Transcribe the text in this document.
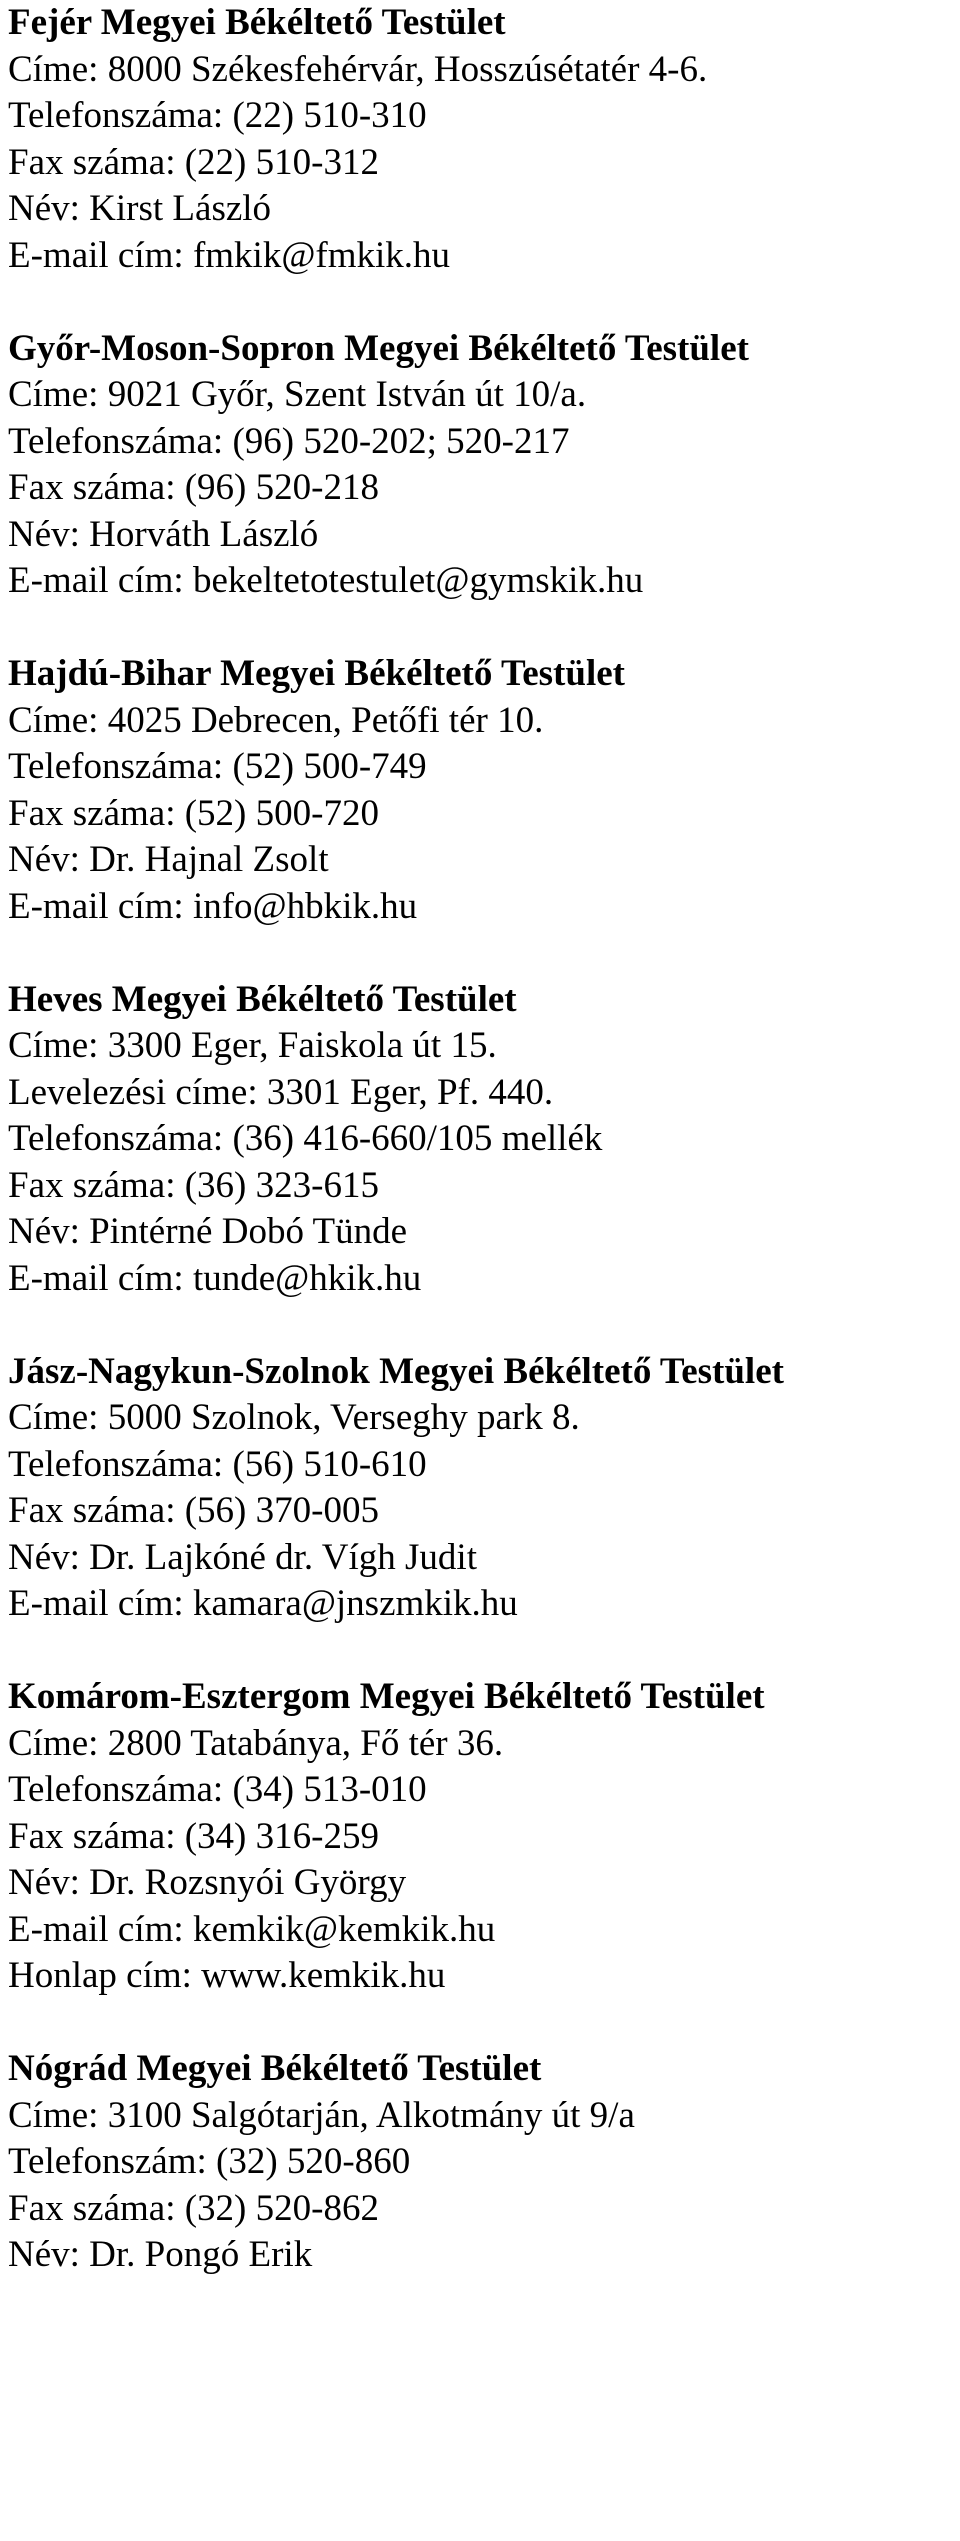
Fejér Megyei Békéltető Testület
Címe: 8000 Székesfehérvár, Hosszúsétatér 4-6.
Telefonszáma: (22) 510-310
Fax száma: (22) 510-312
Név: Kirst László
E-mail cím: fmkik@fmkik.hu
Győr-Moson-Sopron Megyei Békéltető Testület
Címe: 9021 Győr, Szent István út 10/a.
Telefonszáma: (96) 520-202; 520-217
Fax száma: (96) 520-218
Név: Horváth László
E-mail cím: bekeltetotestulet@gymskik.hu
Hajdú-Bihar Megyei Békéltető Testület
Címe: 4025 Debrecen, Petőfi tér 10.
Telefonszáma: (52) 500-749
Fax száma: (52) 500-720
Név: Dr. Hajnal Zsolt
E-mail cím: info@hbkik.hu
Heves Megyei Békéltető Testület
Címe: 3300 Eger, Faiskola út 15.
Levelezési címe: 3301 Eger, Pf. 440.
Telefonszáma: (36) 416-660/105 mellék
Fax száma: (36) 323-615
Név: Pintérné Dobó Tünde
E-mail cím: tunde@hkik.hu
Jász-Nagykun-Szolnok Megyei Békéltető Testület
Címe: 5000 Szolnok, Verseghy park 8.
Telefonszáma: (56) 510-610
Fax száma: (56) 370-005
Név: Dr. Lajkóné dr. Vígh Judit
E-mail cím: kamara@jnszmkik.hu
Komárom-Esztergom Megyei Békéltető Testület
Címe: 2800 Tatabánya, Fő tér 36.
Telefonszáma: (34) 513-010
Fax száma: (34) 316-259
Név: Dr. Rozsnyói György
E-mail cím: kemkik@kemkik.hu
Honlap cím: www.kemkik.hu
Nógrád Megyei Békéltető Testület
Címe: 3100 Salgótarján, Alkotmány út 9/a
Telefonszám: (32) 520-860
Fax száma: (32) 520-862
Név: Dr. Pongó Erik
